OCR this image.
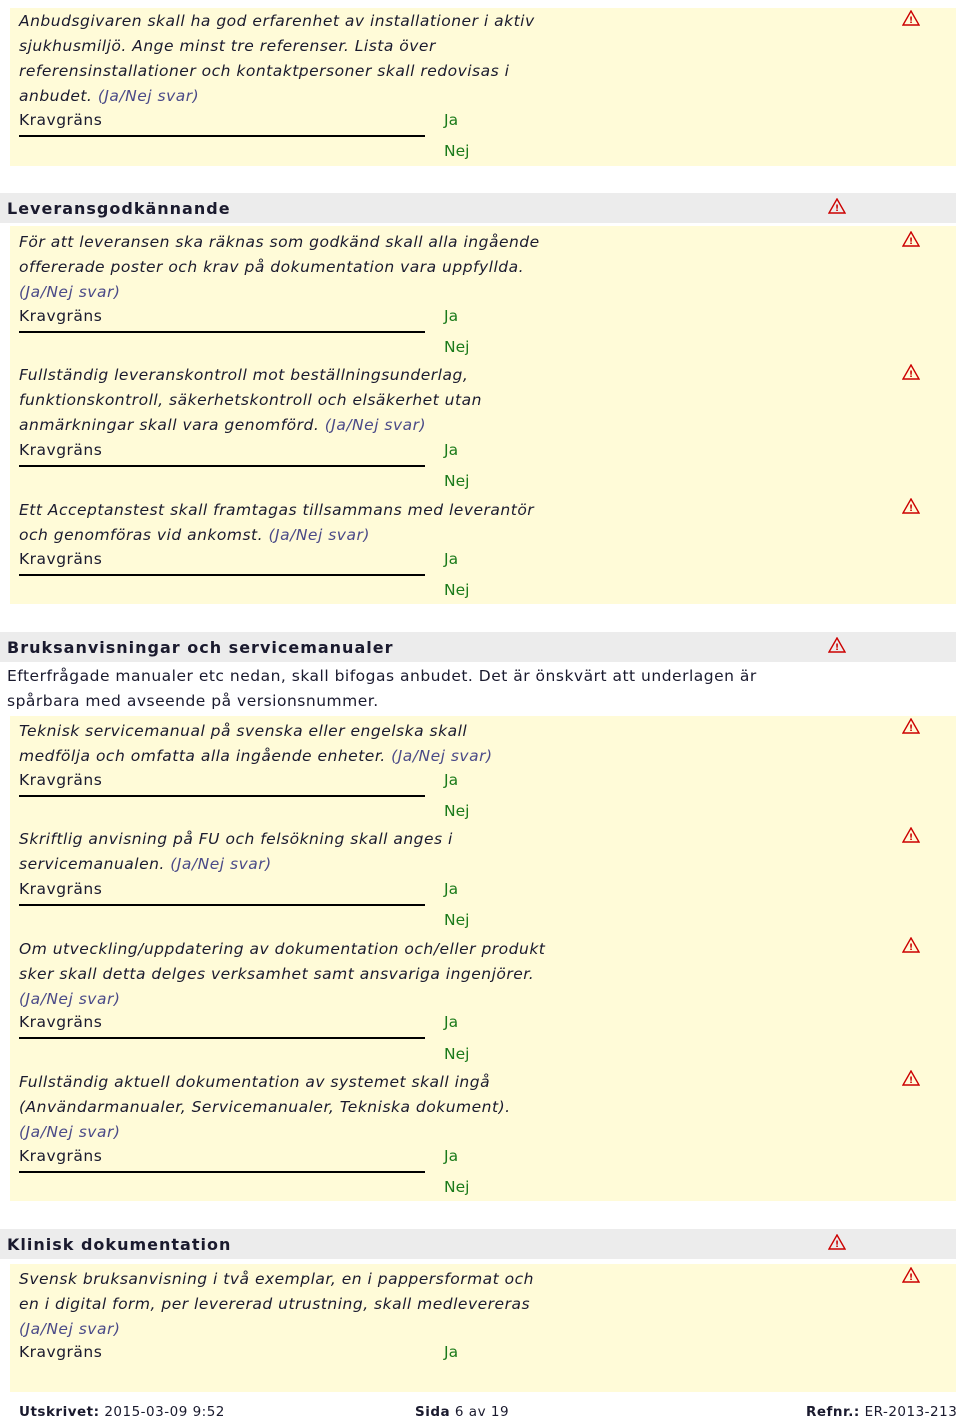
Leveransgodkännande
Bruksanvisningar och servicemanualer
Klinisk dokumentation
Efterfrågade manualer etc nedan, skall bifogas anbudet. Det är önskvärt att underlagen är
spårbara med avseende på versionsnummer.
Anbudsgivaren skall ha god erfarenhet av installationer i aktiv
sjukhusmiljö. Ange minst tre referenser. Lista över
referensinstallationer och kontaktpersoner skall redovisas i
anbudet. (Ja/Nej svar)
Kravgräns	Ja
Nej
För att leveransen ska räknas som godkänd skall alla ingående
offererade poster och krav på dokumentation vara uppfyllda.
(Ja/Nej svar)
Kravgräns	Ja
Nej
Fullständig leveranskontroll mot beställningsunderlag,
funktionskontroll, säkerhetskontroll och elsäkerhet utan
anmärkningar skall vara genomförd. (Ja/Nej svar)
Kravgräns	Ja
Nej
Ett Acceptanstest skall framtagas tillsammans med leverantör
och genomföras vid ankomst. (Ja/Nej svar)
Kravgräns	Ja
Nej
Teknisk servicemanual på svenska eller engelska skall
medfölja och omfatta alla ingående enheter. (Ja/Nej svar)
Kravgräns	Ja
Nej
Skriftlig anvisning på FU och felsökning skall anges i
servicemanualen. (Ja/Nej svar)
Kravgräns	Ja
Nej
Om utveckling/uppdatering av dokumentation och/eller produkt
sker skall detta delges verksamhet samt ansvariga ingenjörer.
(Ja/Nej svar)
Kravgräns	Ja
Nej
Fullständig aktuell dokumentation av systemet skall ingå
(Användarmanualer, Servicemanualer, Tekniska dokument).
(Ja/Nej svar)
Kravgräns	Ja
Nej
Svensk bruksanvisning i två exemplar, en i pappersformat och
en i digital form, per levererad utrustning, skall medlevereras
(Ja/Nej svar)
Kravgräns	Ja
!
!
!
!
!
!
!
!
!
!
!
!
Utskrivet: 2015-03-09 9:52	Sida 6 av 19	Refnr.: ER-2013-213
